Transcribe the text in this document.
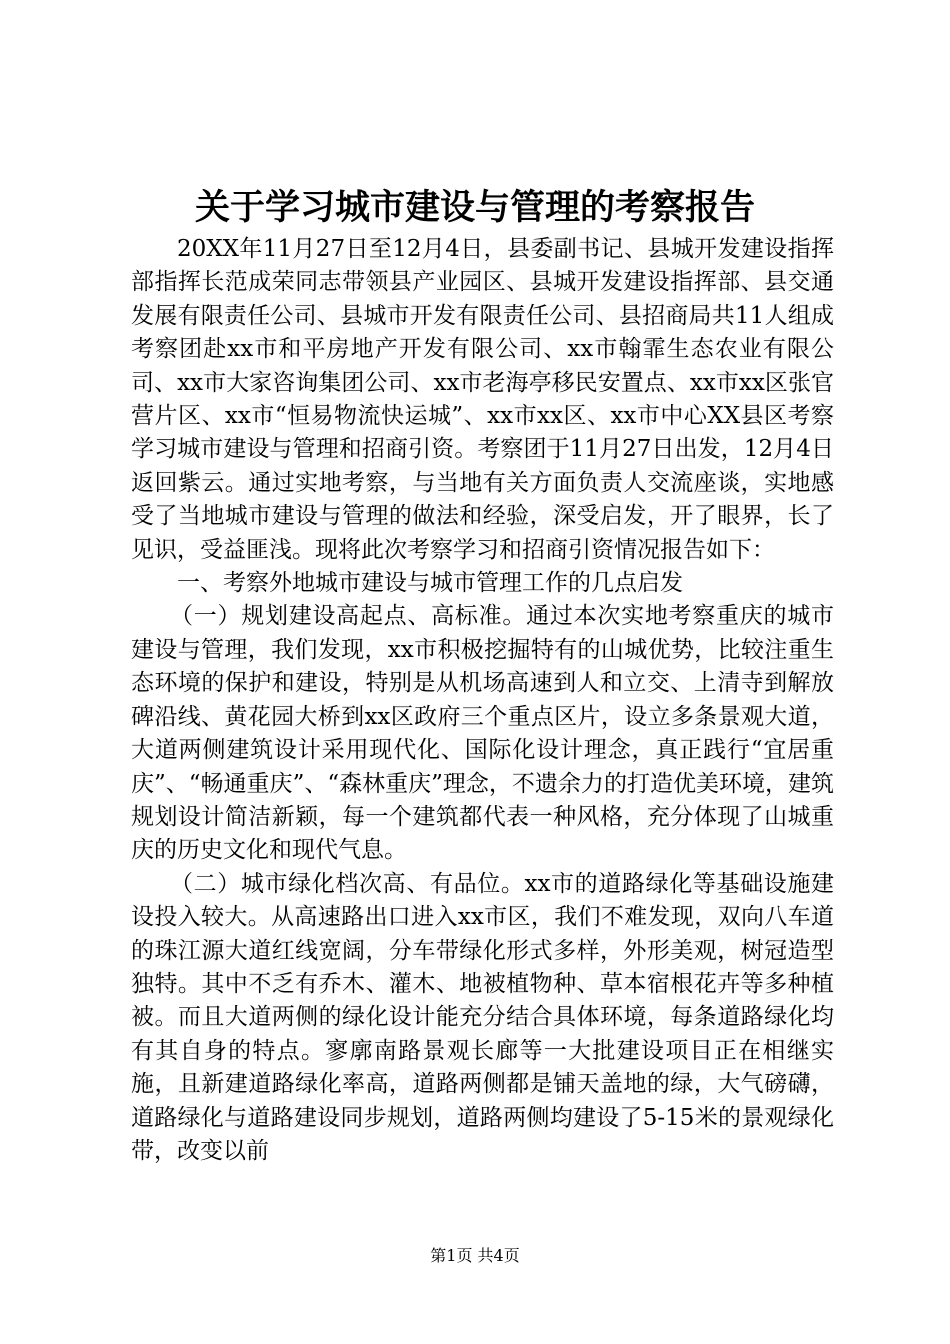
关于学习城市建设与管理的考察报告

20XX年11月27日至12月4日，县委副书记、县城开发建设指挥部指挥长范成荣同志带领县产业园区、县城开发建设指挥部、县交通发展有限责任公司、县城市开发有限责任公司、县招商局共11人组成考察团赴xx市和平房地产开发有限公司、xx市翰霏生态农业有限公司、xx市大家咨询集团公司、xx市老海亭移民安置点、xx市xx区张官营片区、xx市“恒易物流快运城”、xx市xx区、xx市中心XX县区考察学习城市建设与管理和招商引资。考察团于11月27日出发，12月4日返回紫云。通过实地考察，与当地有关方面负责人交流座谈，实地感受了当地城市建设与管理的做法和经验，深受启发，开了眼界，长了见识，受益匪浅。现将此次考察学习和招商引资情况报告如下：

一、考察外地城市建设与城市管理工作的几点启发

（一）规划建设高起点、高标准。通过本次实地考察重庆的城市建设与管理，我们发现，xx市积极挖掘特有的山城优势，比较注重生态环境的保护和建设，特别是从机场高速到人和立交、上清寺到解放碑沿线、黄花园大桥到xx区政府三个重点区片，设立多条景观大道，大道两侧建筑设计采用现代化、国际化设计理念，真正践行“宜居重庆”、“畅通重庆”、“森林重庆”理念，不遗余力的打造优美环境，建筑规划设计简洁新颖，每一个建筑都代表一种风格，充分体现了山城重庆的历史文化和现代气息。

（二）城市绿化档次高、有品位。xx市的道路绿化等基础设施建设投入较大。从高速路出口进入xx市区，我们不难发现，双向八车道的珠江源大道红线宽阔，分车带绿化形式多样，外形美观，树冠造型独特。其中不乏有乔木、灌木、地被植物种、草本宿根花卉等多种植被。而且大道两侧的绿化设计能充分结合具体环境，每条道路绿化均有其自身的特点。寥廓南路景观长廊等一大批建设项目正在相继实施，且新建道路绿化率高，道路两侧都是铺天盖地的绿，大气磅礴，道路绿化与道路建设同步规划，道路两侧均建设了5-15米的景观绿化带，改变以前

第1页 共4页
